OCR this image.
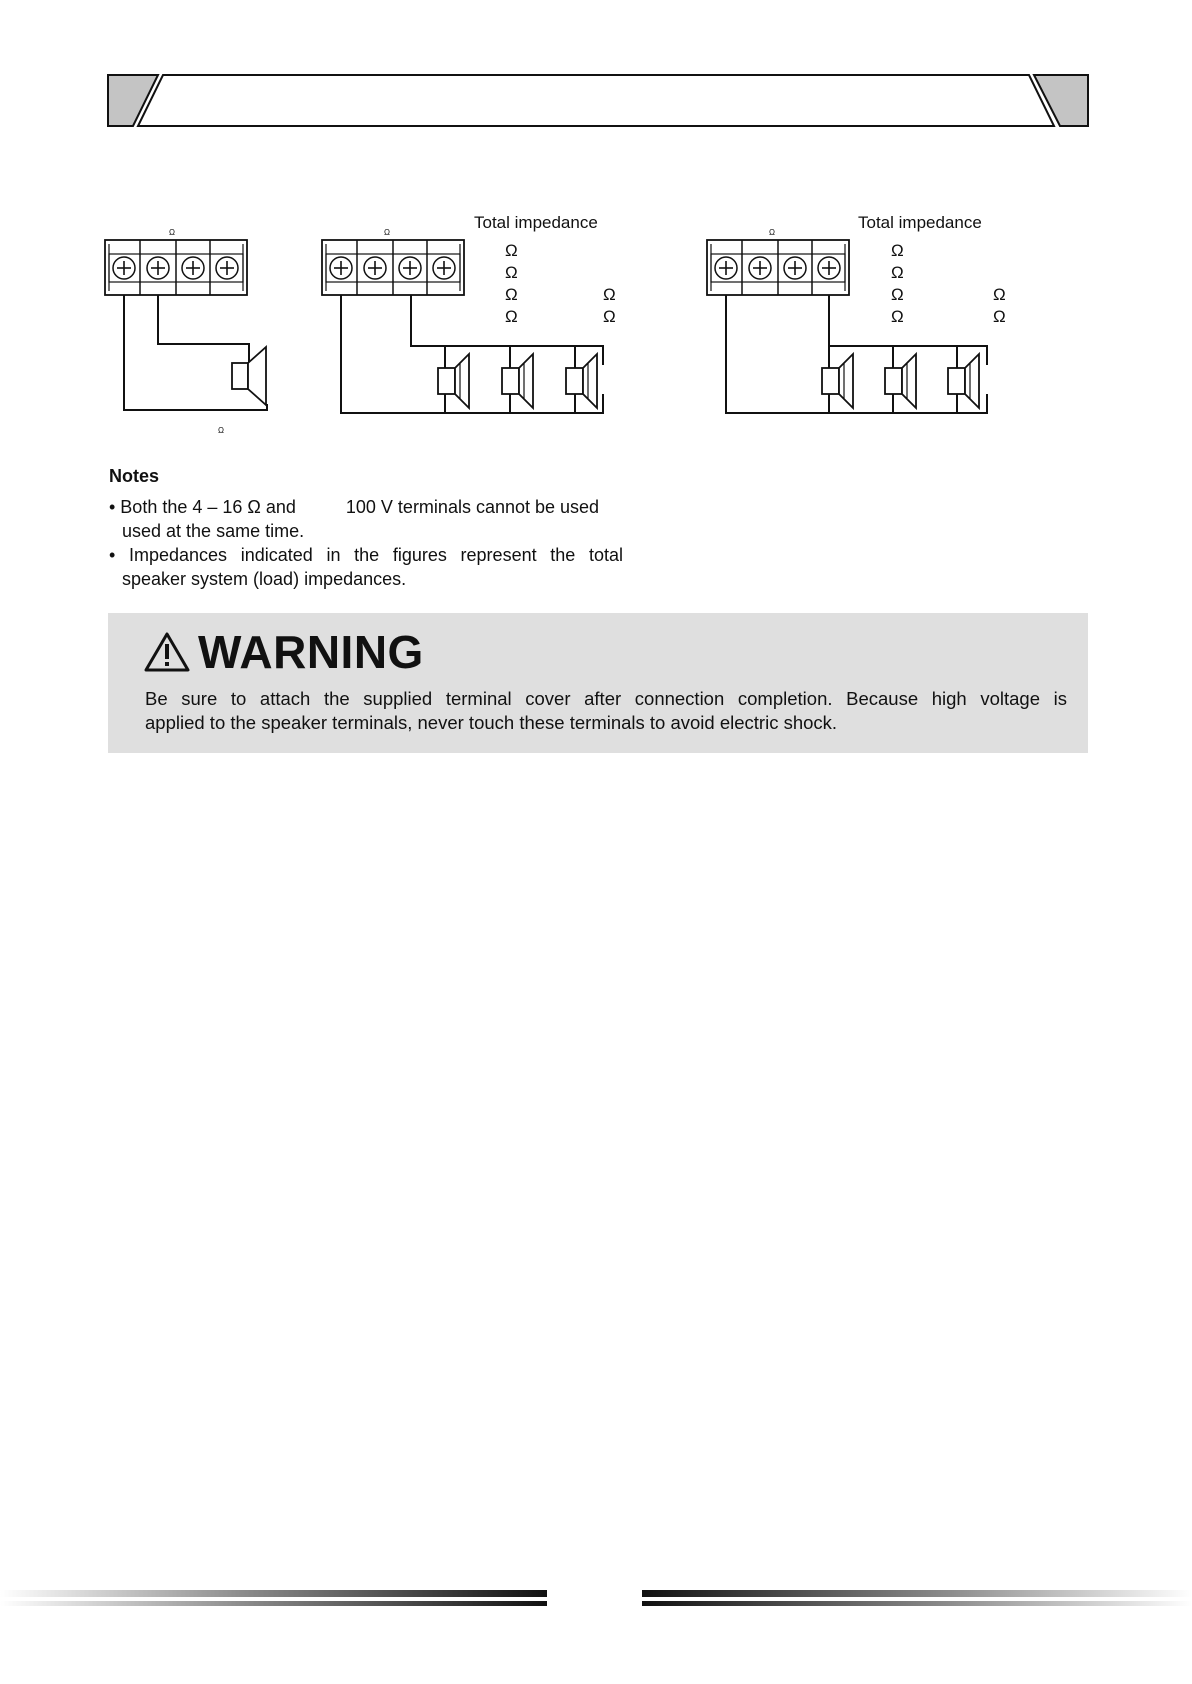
Ω
Ω
Ω
Total impedance
Ω
Ω
Ω
Ω
Ω
Ω
Ω
Total impedance
Ω
Ω
Ω
Ω
Ω
Ω
Notes
• Both the 4 – 16 Ω and	100 V terminals cannot be used
used at the same time.
• Impedances indicated in the figures represent the total
speaker system (load) impedances.
WARNING
Be sure to attach the supplied terminal cover after connection completion. Because high voltage is
applied to the speaker terminals, never touch these terminals to avoid electric shock.
